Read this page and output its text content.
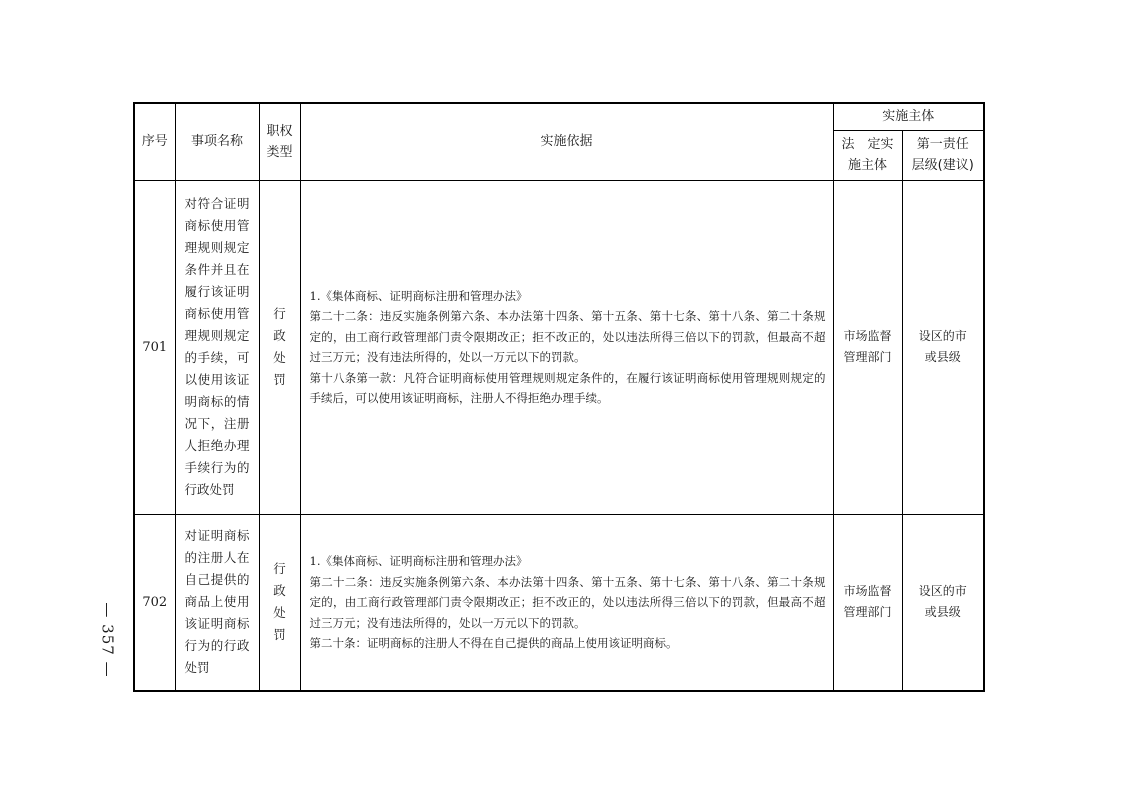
序号	事项名称	职权类型	实施依据	实施主体	
				法　定实施主体	第一责任层级(建议)
701	对符合证明商标使用管理规则规定条件并且在履行该证明商标使用管理规则规定的手续，可以使用该证明商标的情况下，注册人拒绝办理手续行为的行政处罚	行政处罚	1.《集体商标、证明商标注册和管理办法》

第二十二条：违反实施条例第六条、本办法第十四条、第十五条、第十七条、第十八条、第二十条规定的，由工商行政管理部门责令限期改正；拒不改正的，处以违法所得三倍以下的罚款，但最高不超过三万元；没有违法所得的，处以一万元以下的罚款。

第十八条第一款：凡符合证明商标使用管理规则规定条件的，在履行该证明商标使用管理规则规定的手续后，可以使用该证明商标，注册人不得拒绝办理手续。	市场监督管理部门	设区的市或县级
702	对证明商标的注册人在自己提供的商品上使用该证明商标行为的行政处罚	行政处罚	1.《集体商标、证明商标注册和管理办法》

第二十二条：违反实施条例第六条、本办法第十四条、第十五条、第十七条、第十八条、第二十条规定的，由工商行政管理部门责令限期改正；拒不改正的，处以违法所得三倍以下的罚款，但最高不超过三万元；没有违法所得的，处以一万元以下的罚款。

第二十条：证明商标的注册人不得在自己提供的商品上使用该证明商标。	市场监督管理部门	设区的市或县级
— 357 —
